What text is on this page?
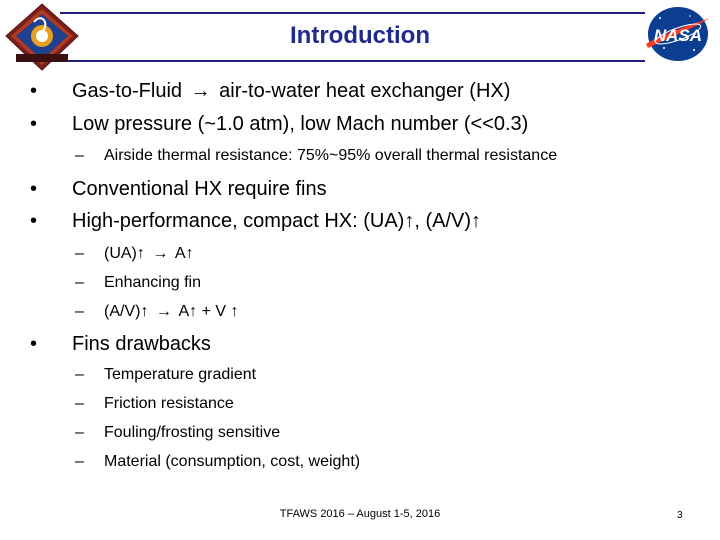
Introduction	NASA
• Gas-to-Fluid → air-to-water heat exchanger (HX)
• Low pressure (~1.0 atm), low Mach number (<<0.3)
– Airside thermal resistance: 75%~95% overall thermal resistance
• Conventional HX require fins
• High-performance, compact HX: (UA)↑, (A/V)↑
– (UA)↑ → A↑
– Enhancing fin
– (A/V)↑ → A↑ + V ↑
• Fins drawbacks
– Temperature gradient
– Friction resistance
– Fouling/frosting sensitive
– Material (consumption, cost, weight)
TFAWS 2016 – August 1-5, 2016	3
